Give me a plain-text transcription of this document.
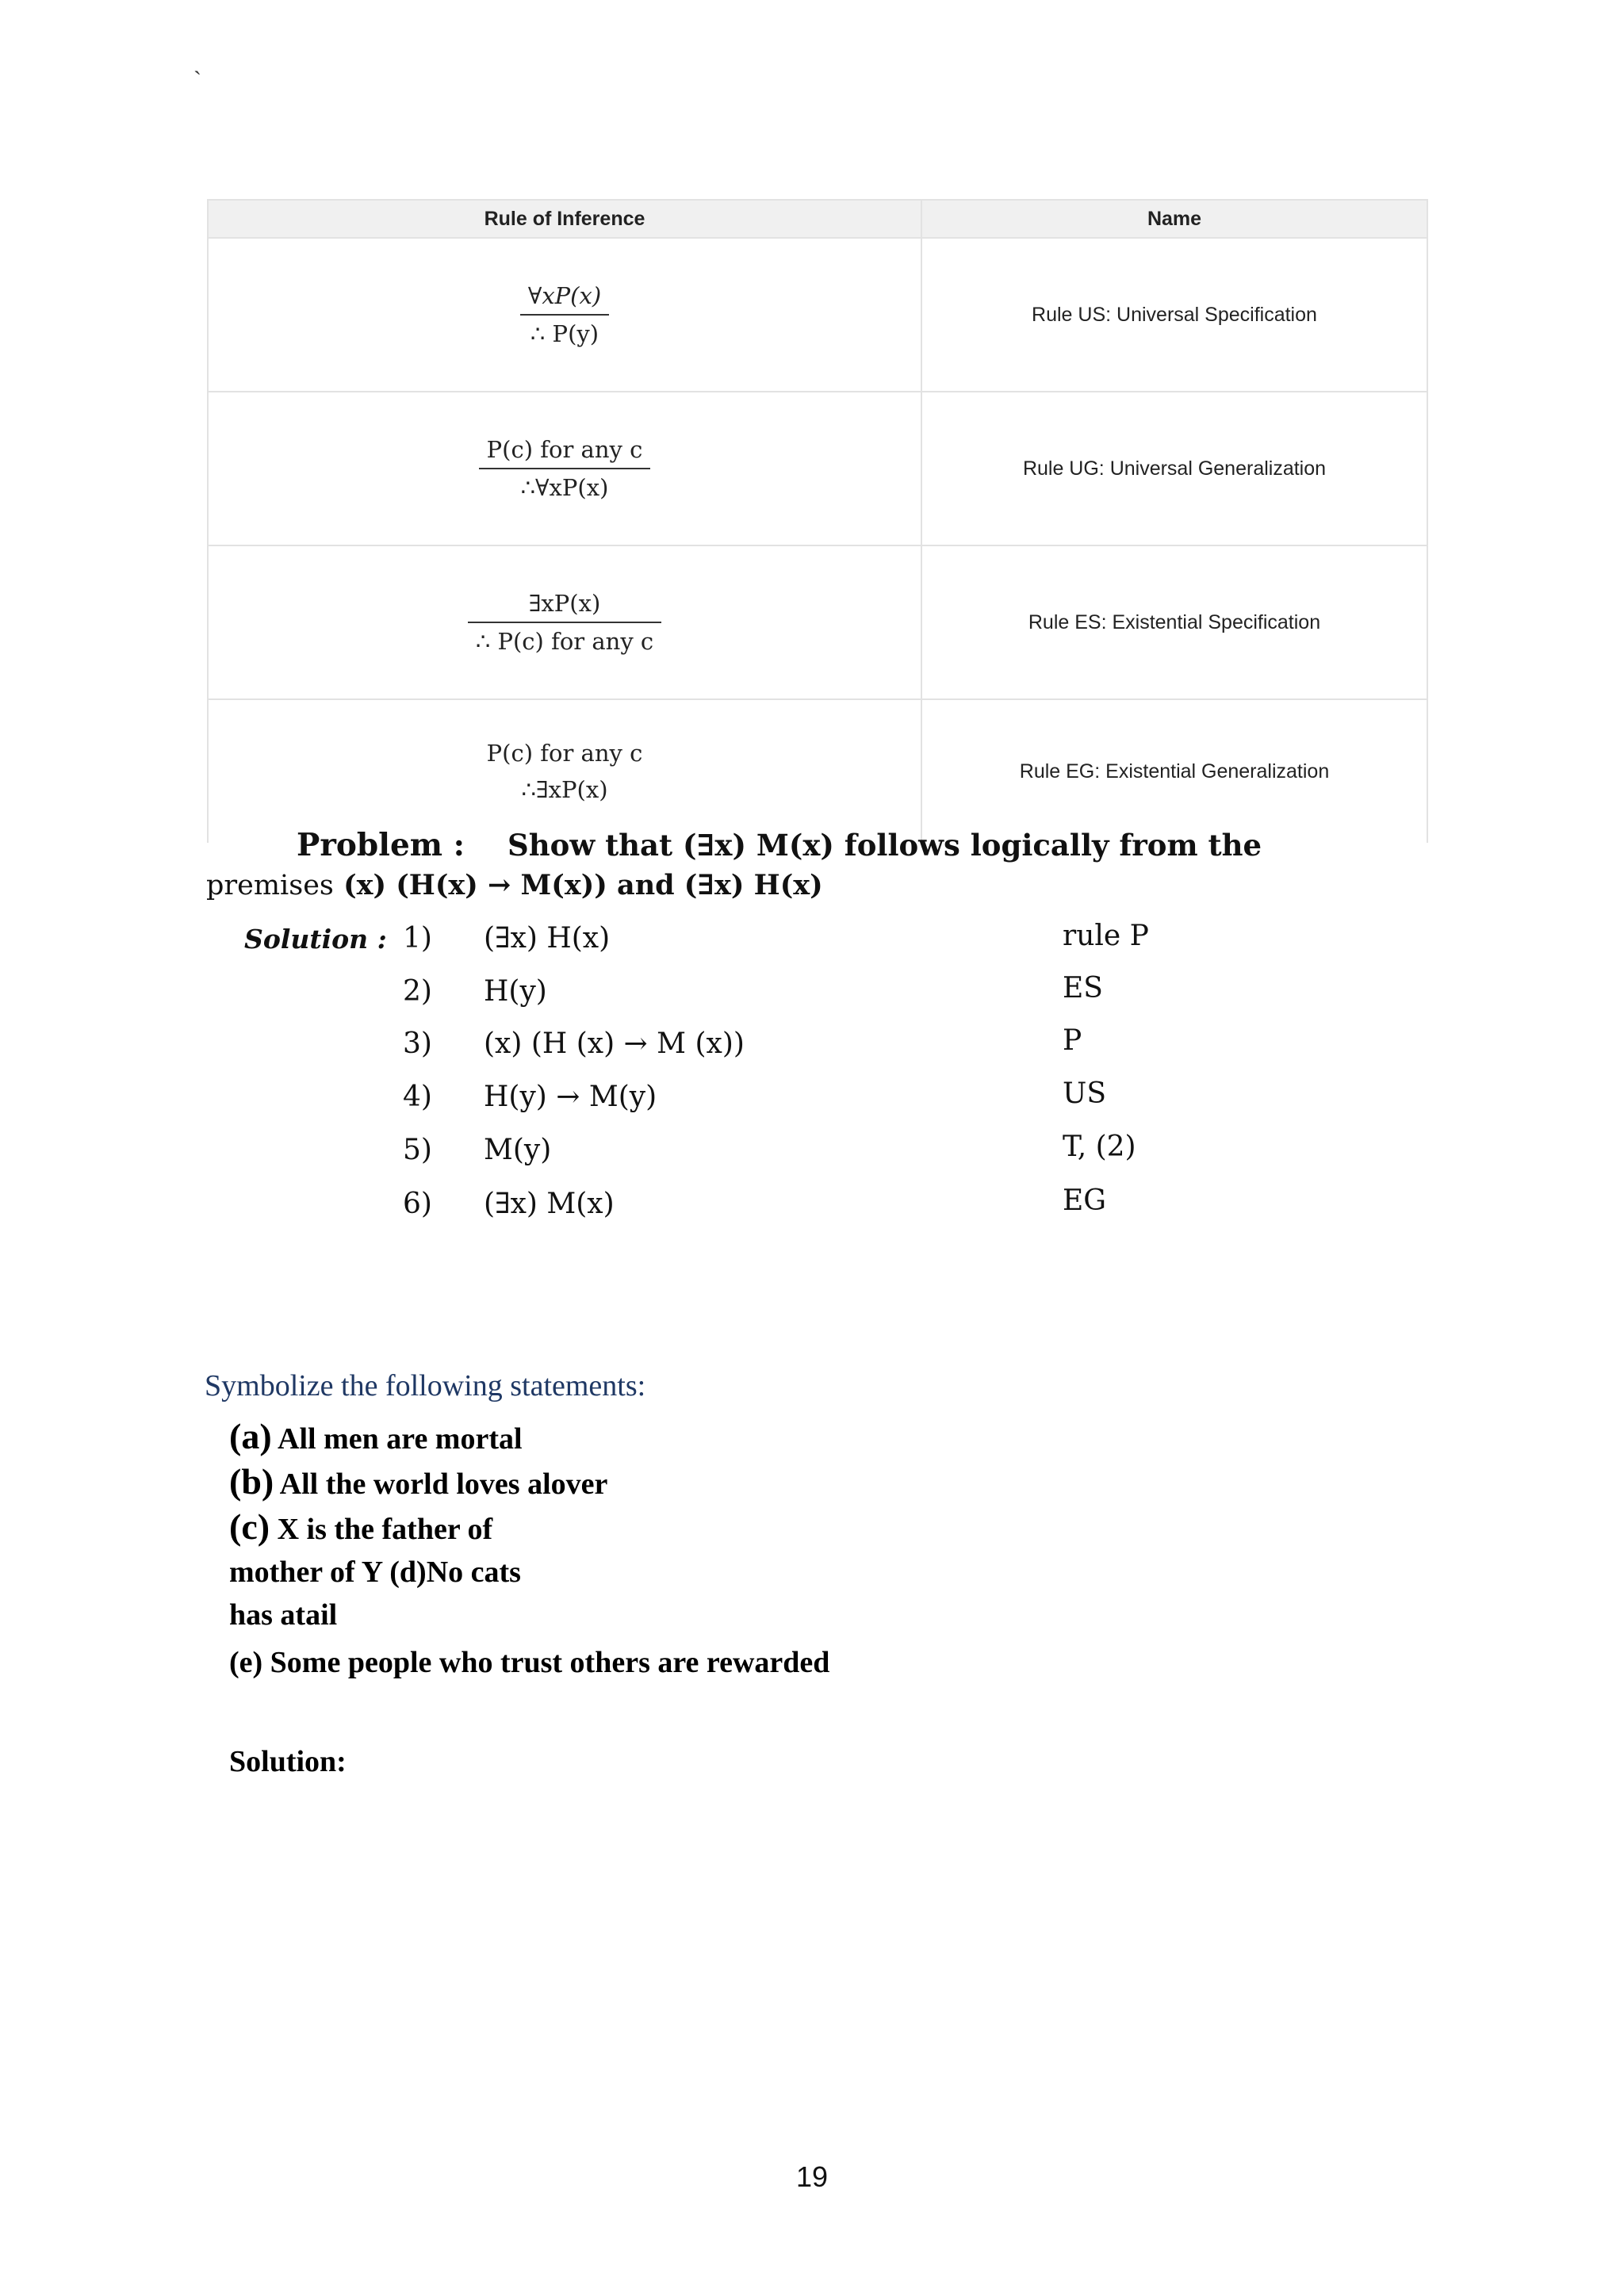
`
Rule of Inference	Name

$\frac{\forall xP(x)}{\therefore P(y)}$	Rule US: Universal Specification

$\frac{\text{P(c) for any c}}{\therefore\forall xP(x)}$	Rule UG: Universal Generalization

$\frac{\exists xP(x)}{\text{∴ P(c) for any c}}$	Rule ES: Existential Specification

P(c) for any c
∴∃xP(x)	Rule EG: Existential Generalization
Problem : Show that (∃x) M(x) follows logically from the
premises (x) (H(x) → M(x)) and (∃x) H(x)
Solution : 1) (∃x) H(x)	rule P
2) H(y)	ES
3) (x) (H (x) → M (x))	P
4) H(y) → M(y)	US
5) M(y)	T, (2)
6) (∃x) M(x)	EG
Symbolize the following statements:

(a) All men are mortal

(b) All the world loves alover

(c) X is the father of

mother of Y (d)No cats

has atail

(e) Some people who trust others are rewarded

Solution:
19
